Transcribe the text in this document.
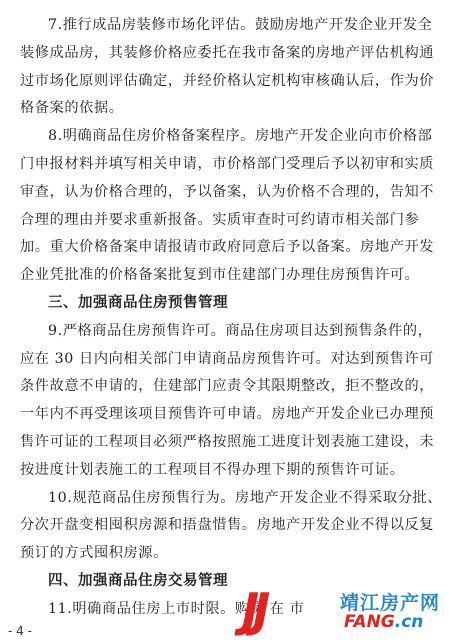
7.推行成品房装修市场化评估。鼓励房地产开发企业开发全
装修成品房，其装修价格应委托在我市备案的房地产评估机构通
过市场化原则评估确定，并经价格认定机构审核确认后，作为价
格备案的依据。
8.明确商品住房价格备案程序。房地产开发企业向市价格部
门申报材料并填写相关申请，市价格部门受理后予以初审和实质
审查，认为价格合理的，予以备案，认为价格不合理的，告知不
合理的理由并要求重新报备。实质审查时可约请市相关部门参
加。重大价格备案申请报请市政府同意后予以备案。房地产开发
企业凭批准的价格备案批复到市住建部门办理住房预售许可。
三、加强商品住房预售管理
9.严格商品住房预售许可。商品住房项目达到预售条件的，
应在 30 日内向相关部门申请商品房预售许可。对达到预售许可
条件故意不申请的，住建部门应责令其限期整改，拒不整改的，
一年内不再受理该项目预售许可申请。房地产开发企业已办理预
售许可证的工程项目必须严格按照施工进度计划表施工建设，未
按进度计划表施工的工程项目不得办理下期的预售许可证。
10.规范商品住房预售行为。房地产开发企业不得采取分批、
分次开盘变相囤积房源和捂盘惜售。房地产开发企业不得以反复
预订的方式囤积房源。
四、加强商品住房交易管理
11.明确商品住房上市时限。购房 在 市
- 4 -	JJ	靖江房产网
FANG.cn
